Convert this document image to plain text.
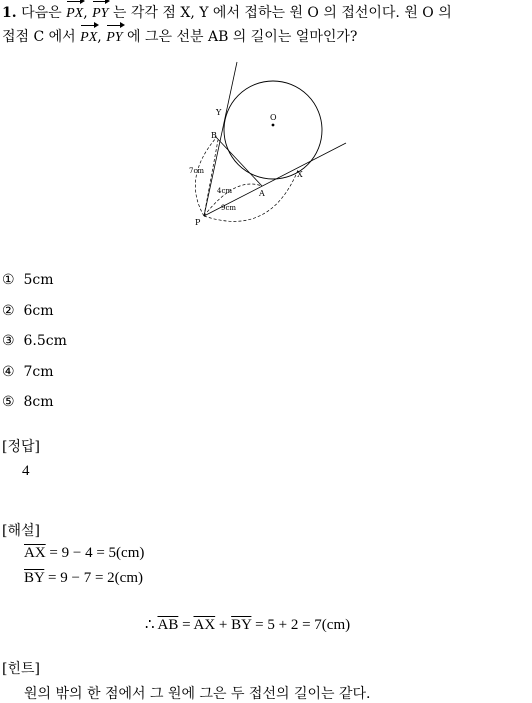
1. 다음은 PX, PY 는 각각 점 X, Y 에서 접하는 원 O 의 접선이다. 원 O 의
접점 C 에서 PX, PY 에 그은 선분 AB 의 길이는 얼마인가?
O
Y
B
A
X
P
7cm
4cm
9cm
① 5cm
② 6cm
③ 6.5cm
④ 7cm
⑤ 8cm
[정답]
4
[해설]
$\overline{AX} = 9 - 4 = 5(cm)$
$\overline{BY} = 9 - 7 = 2(cm)$
∴ $\overline{AB} = \overline{AX} + \overline{BY} = 5 + 2 = 7(cm)$
[힌트]
원의 밖의 한 점에서 그 원에 그은 두 접선의 길이는 같다.
